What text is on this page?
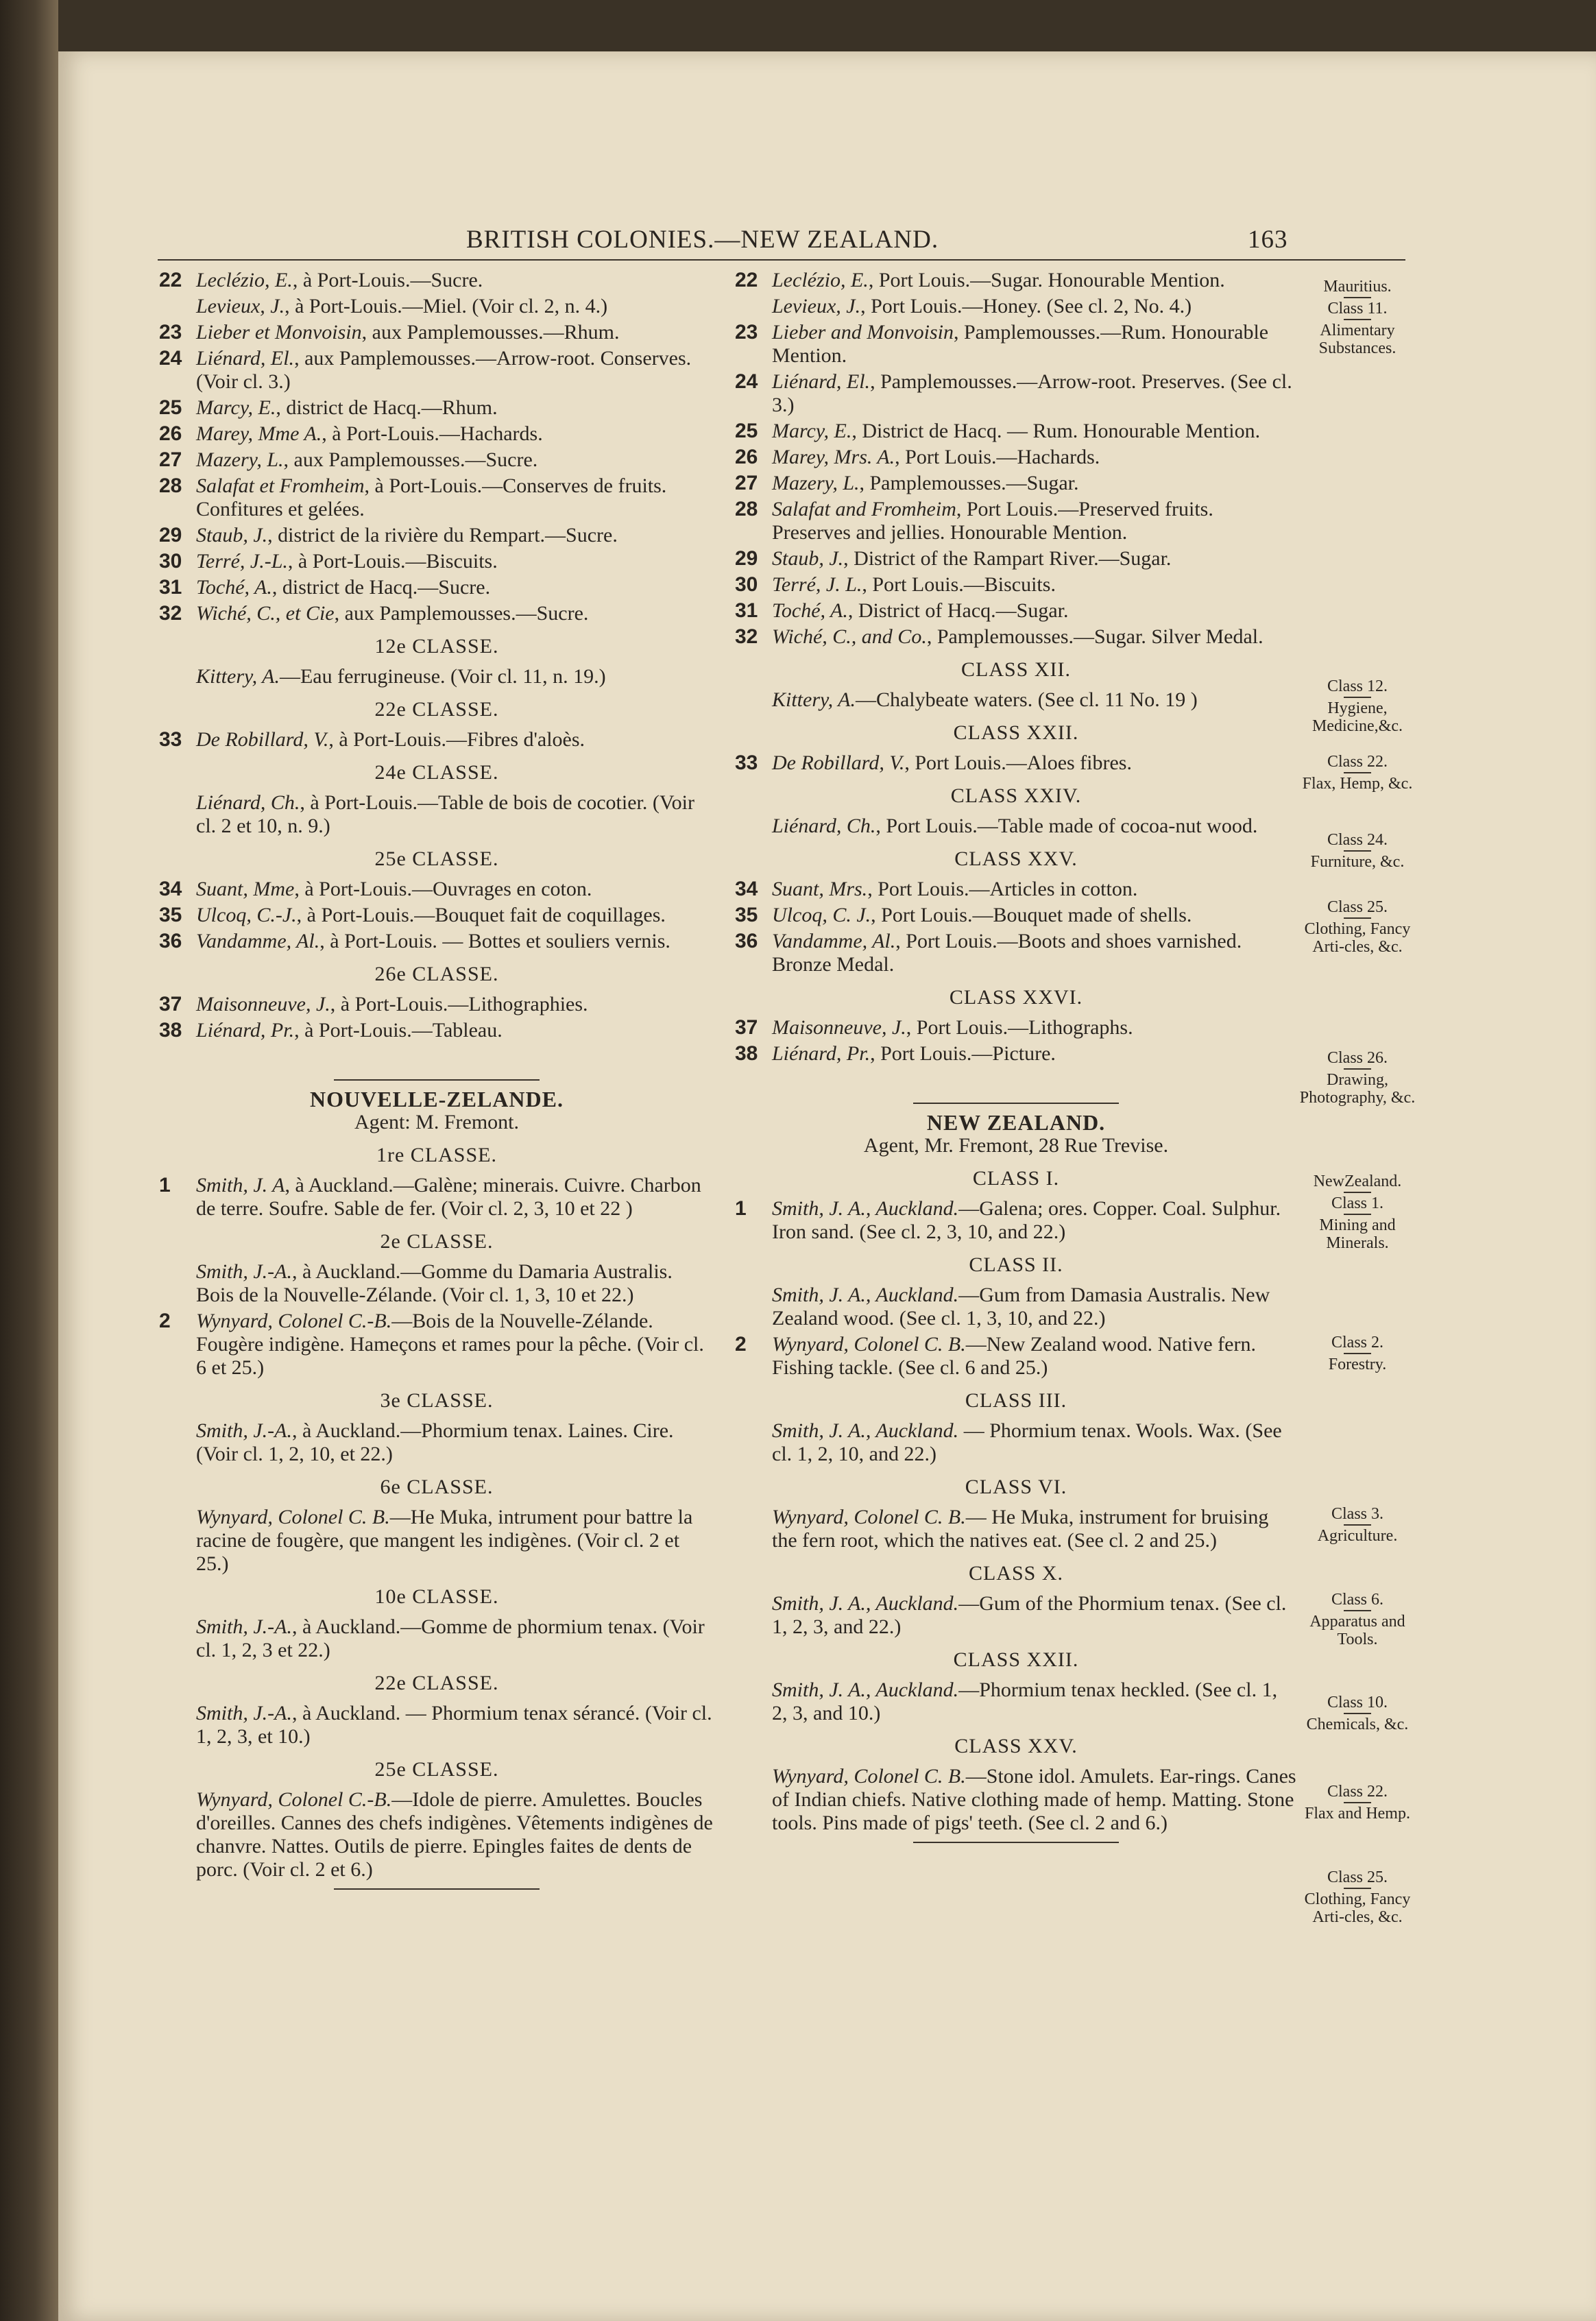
BRITISH COLONIES.—NEW ZEALAND.	163
22 Leclézio, E., à Port-Louis.—Sucre.
Levieux, J., à Port-Louis.—Miel. (Voir cl. 2, n. 4.)
23 Lieber et Monvoisin, aux Pamplemousses.—Rhum.
24 Liénard, El., aux Pamplemousses.—Arrow-root. Conserves. (Voir cl. 3.)
25 Marcy, E., district de Hacq.—Rhum.
26 Marey, Mme A., à Port-Louis.—Hachards.
27 Mazery, L., aux Pamplemousses.—Sucre.
28 Salafat et Fromheim, à Port-Louis.—Conserves de fruits. Confitures et gelées.
29 Staub, J., district de la rivière du Rempart.—Sucre.
30 Terré, J.-L., à Port-Louis.—Biscuits.
31 Toché, A., district de Hacq.—Sucre.
32 Wiché, C., et Cie, aux Pamplemousses.—Sucre.
12e CLASSE.
Kittery, A.—Eau ferrugineuse. (Voir cl. 11, n. 19.)
22e CLASSE.
33 De Robillard, V., à Port-Louis.—Fibres d'aloès.
24e CLASSE.
Liénard, Ch., à Port-Louis.—Table de bois de cocotier. (Voir cl. 2 et 10, n. 9.)
25e CLASSE.
34 Suant, Mme, à Port-Louis.—Ouvrages en coton.
35 Ulcoq, C.-J., à Port-Louis.—Bouquet fait de coquillages.
36 Vandamme, Al., à Port-Louis. — Bottes et souliers vernis.
26e CLASSE.
37 Maisonneuve, J., à Port-Louis.—Lithographies.
38 Liénard, Pr., à Port-Louis.—Tableau.
NOUVELLE-ZELANDE.
Agent: M. Fremont.
1re CLASSE.
1 Smith, J. A, à Auckland.—Galène; minerais. Cuivre. Charbon de terre. Soufre. Sable de fer. (Voir cl. 2, 3, 10 et 22 )
2e CLASSE.
Smith, J.-A., à Auckland.—Gomme du Damaria Australis. Bois de la Nouvelle-Zélande. (Voir cl. 1, 3, 10 et 22.)
2 Wynyard, Colonel C.-B.—Bois de la Nouvelle-Zélande. Fougère indigène. Hameçons et rames pour la pêche. (Voir cl. 6 et 25.)
3e CLASSE.
Smith, J.-A., à Auckland.—Phormium tenax. Laines. Cire. (Voir cl. 1, 2, 10, et 22.)
6e CLASSE.
Wynyard, Colonel C. B.—He Muka, intrument pour battre la racine de fougère, que mangent les indigènes. (Voir cl. 2 et 25.)
10e CLASSE.
Smith, J.-A., à Auckland.—Gomme de phormium tenax. (Voir cl. 1, 2, 3 et 22.)
22e CLASSE.
Smith, J.-A., à Auckland. — Phormium tenax sérancé. (Voir cl. 1, 2, 3, et 10.)
25e CLASSE.
Wynyard, Colonel C.-B.—Idole de pierre. Amulettes. Boucles d'oreilles. Cannes des chefs indigènes. Vêtements indigènes de chanvre. Nattes. Outils de pierre. Epingles faites de dents de porc. (Voir cl. 2 et 6.)
22 Leclézio, E., Port Louis.—Sugar. Honourable Mention.
Levieux, J., Port Louis.—Honey. (See cl. 2, No. 4.)
23 Lieber and Monvoisin, Pamplemousses.—Rum. Honourable Mention.
24 Liénard, El., Pamplemousses.—Arrow-root. Preserves. (See cl. 3.)
25 Marcy, E., District de Hacq. — Rum. Honourable Mention.
26 Marey, Mrs. A., Port Louis.—Hachards.
27 Mazery, L., Pamplemousses.—Sugar.
28 Salafat and Fromheim, Port Louis.—Preserved fruits. Preserves and jellies. Honourable Mention.
29 Staub, J., District of the Rampart River.—Sugar.
30 Terré, J. L., Port Louis.—Biscuits.
31 Toché, A., District of Hacq.—Sugar.
32 Wiché, C., and Co., Pamplemousses.—Sugar. Silver Medal.
CLASS XII.
Kittery, A.—Chalybeate waters. (See cl. 11 No. 19 )
CLASS XXII.
33 De Robillard, V., Port Louis.—Aloes fibres.
CLASS XXIV.
Liénard, Ch., Port Louis.—Table made of cocoa-nut wood.
CLASS XXV.
34 Suant, Mrs., Port Louis.—Articles in cotton.
35 Ulcoq, C. J., Port Louis.—Bouquet made of shells.
36 Vandamme, Al., Port Louis.—Boots and shoes varnished. Bronze Medal.
CLASS XXVI.
37 Maisonneuve, J., Port Louis.—Lithographs.
38 Liénard, Pr., Port Louis.—Picture.
NEW ZEALAND.
Agent, Mr. Fremont, 28 Rue Trevise.
CLASS I.
1 Smith, J. A., Auckland.—Galena; ores. Copper. Coal. Sulphur. Iron sand. (See cl. 2, 3, 10, and 22.)
CLASS II.
Smith, J. A., Auckland.—Gum from Damasia Australis. New Zealand wood. (See cl. 1, 3, 10, and 22.)
2 Wynyard, Colonel C. B.—New Zealand wood. Native fern. Fishing tackle. (See cl. 6 and 25.)
CLASS III.
Smith, J. A., Auckland. — Phormium tenax. Wools. Wax. (See cl. 1, 2, 10, and 22.)
CLASS VI.
Wynyard, Colonel C. B.— He Muka, instrument for bruising the fern root, which the natives eat. (See cl. 2 and 25.)
CLASS X.
Smith, J. A., Auckland.—Gum of the Phormium tenax. (See cl. 1, 2, 3, and 22.)
CLASS XXII.
Smith, J. A., Auckland.—Phormium tenax heckled. (See cl. 1, 2, 3, and 10.)
CLASS XXV.
Wynyard, Colonel C. B.—Stone idol. Amulets. Ear-rings. Canes of Indian chiefs. Native clothing made of hemp. Matting. Stone tools. Pins made of pigs' teeth. (See cl. 2 and 6.)
Mauritius.
Class 11.
Alimentary Substances.
Class 12.
Hygiene, Medicine,&c.
Class 22.
Flax, Hemp, &c.
Class 24.
Furniture, &c.
Class 25.
Clothing, Fancy Arti-cles, &c.
Class 26.
Drawing, Photography, &c.
NewZealand.
Class 1.
Mining and Minerals.
Class 2.
Forestry.
Class 3.
Agriculture.
Class 6.
Apparatus and Tools.
Class 10.
Chemicals, &c.
Class 22.
Flax and Hemp.
Class 25.
Clothing, Fancy Arti-cles, &c.
